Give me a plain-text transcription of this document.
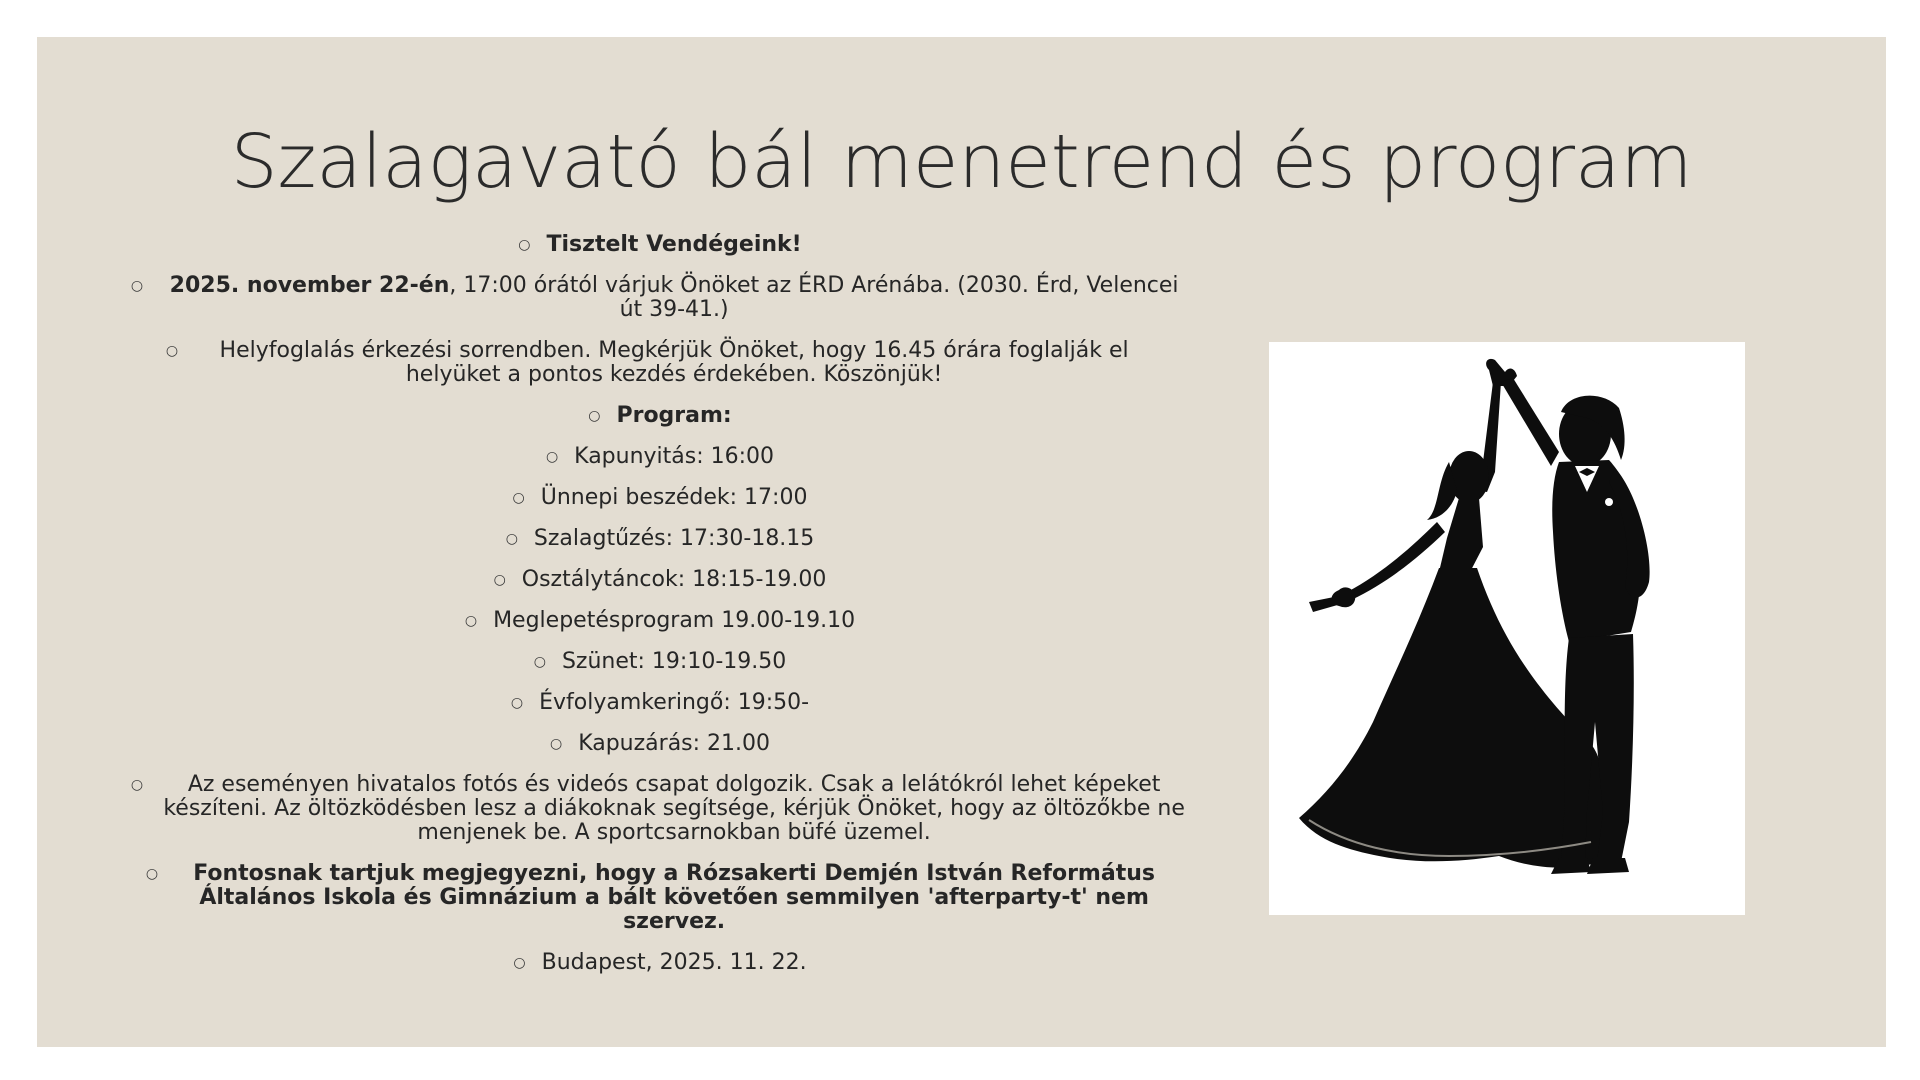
Szalagavató bál menetrend és program
○ Tisztelt Vendégeink!
○	2025. november 22-én, 17:00 órától várjuk Önöket az ÉRD Arénába. (2030. Érd, Velencei út 39-41.)
○	Helyfoglalás érkezési sorrendben. Megkérjük Önöket, hogy 16.45 órára foglalják el helyüket a pontos kezdés érdekében. Köszönjük!
○ Program:
○ Kapunyitás: 16:00
○ Ünnepi beszédek: 17:00
○ Szalagtűzés: 17:30-18.15
○ Osztálytáncok: 18:15-19.00
○ Meglepetésprogram 19.00-19.10
○ Szünet: 19:10-19.50
○ Évfolyamkeringő: 19:50-
○ Kapuzárás: 21.00
○	Az eseményen hivatalos fotós és videós csapat dolgozik. Csak a lelátókról lehet képeket készíteni. Az öltözködésben lesz a diákoknak segítsége, kérjük Önöket, hogy az öltözőkbe ne menjenek be. A sportcsarnokban büfé üzemel.
○	Fontosnak tartjuk megjegyezni, hogy a Rózsakerti Demjén István Református Általános Iskola és Gimnázium a bált követően semmilyen 'afterparty-t' nem szervez.
○ Budapest, 2025. 11. 22.
